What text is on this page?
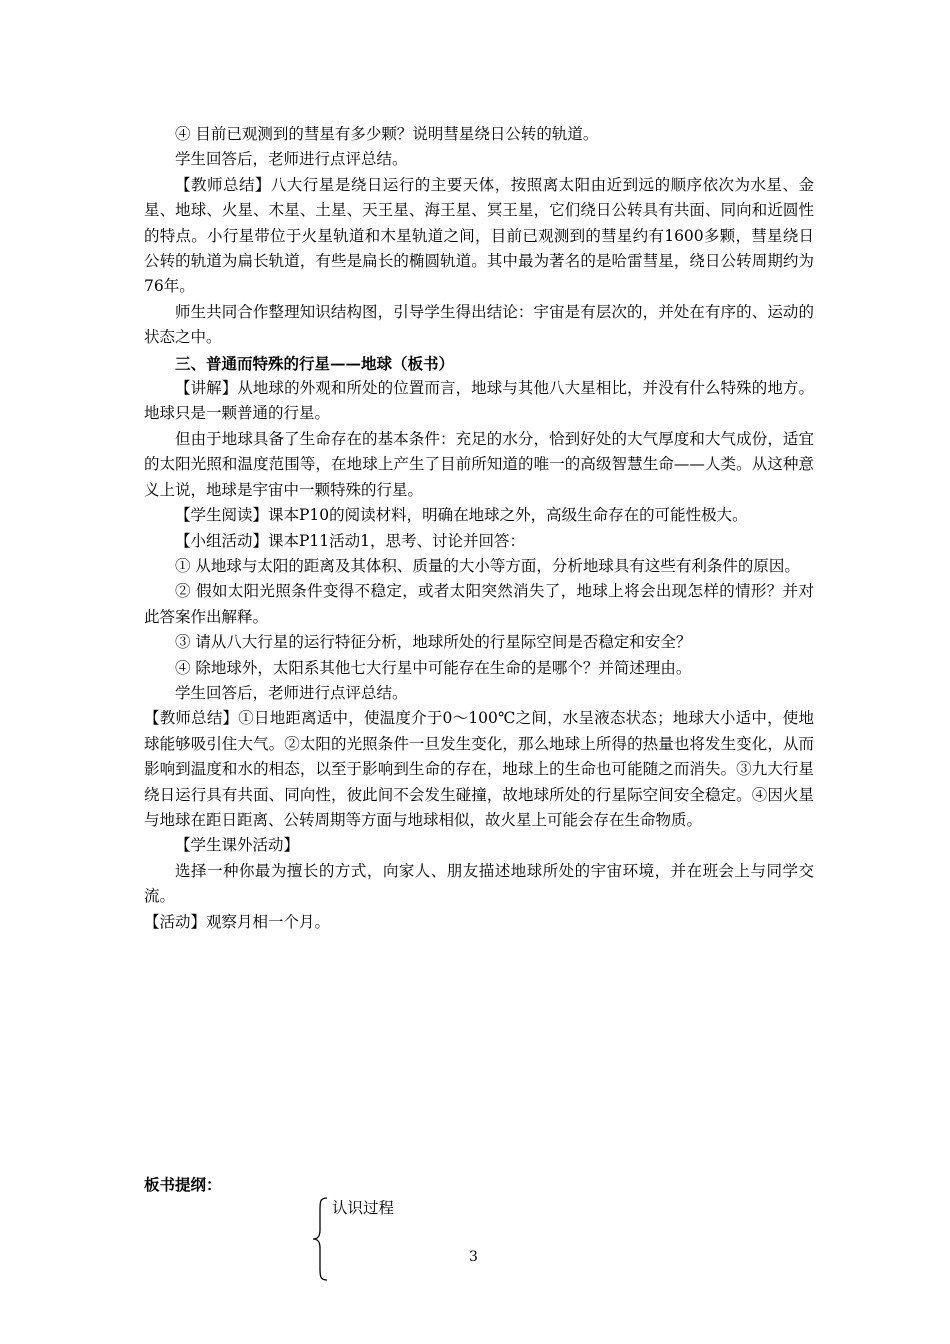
④ 目前已观测到的彗星有多少颗？说明彗星绕日公转的轨道。

学生回答后，老师进行点评总结。

【教师总结】八大行星是绕日运行的主要天体，按照离太阳由近到远的顺序依次为水星、金星、地球、火星、木星、土星、天王星、海王星、冥王星，它们绕日公转具有共面、同向和近圆性的特点。小行星带位于火星轨道和木星轨道之间，目前已观测到的彗星约有1600多颗，彗星绕日公转的轨道为扁长轨道，有些是扁长的椭圆轨道。其中最为著名的是哈雷彗星，绕日公转周期约为76年。

师生共同合作整理知识结构图，引导学生得出结论：宇宙是有层次的，并处在有序的、运动的状态之中。

三、普通而特殊的行星——地球（板书）

【讲解】从地球的外观和所处的位置而言，地球与其他八大星相比，并没有什么特殊的地方。地球只是一颗普通的行星。

但由于地球具备了生命存在的基本条件：充足的水分，恰到好处的大气厚度和大气成份，适宜的太阳光照和温度范围等，在地球上产生了目前所知道的唯一的高级智慧生命——人类。从这种意义上说，地球是宇宙中一颗特殊的行星。

【学生阅读】课本P10的阅读材料，明确在地球之外，高级生命存在的可能性极大。

【小组活动】课本P11活动1，思考、讨论并回答：

① 从地球与太阳的距离及其体积、质量的大小等方面，分析地球具有这些有利条件的原因。

② 假如太阳光照条件变得不稳定，或者太阳突然消失了，地球上将会出现怎样的情形？并对此答案作出解释。

③ 请从八大行星的运行特征分析，地球所处的行星际空间是否稳定和安全？

④ 除地球外，太阳系其他七大行星中可能存在生命的是哪个？并简述理由。

学生回答后，老师进行点评总结。

【教师总结】①日地距离适中，使温度介于0～100℃之间，水呈液态状态；地球大小适中，使地球能够吸引住大气。②太阳的光照条件一旦发生变化，那么地球上所得的热量也将发生变化，从而影响到温度和水的相态，以至于影响到生命的存在，地球上的生命也可能随之而消失。③九大行星绕日运行具有共面、同向性，彼此间不会发生碰撞，故地球所处的行星际空间安全稳定。④因火星与地球在距日距离、公转周期等方面与地球相似，故火星上可能会存在生命物质。

【学生课外活动】

选择一种你最为擅长的方式，向家人、朋友描述地球所处的宇宙环境，并在班会上与同学交流。

【活动】观察月相一个月。

板书提纲：
认识过程
3
